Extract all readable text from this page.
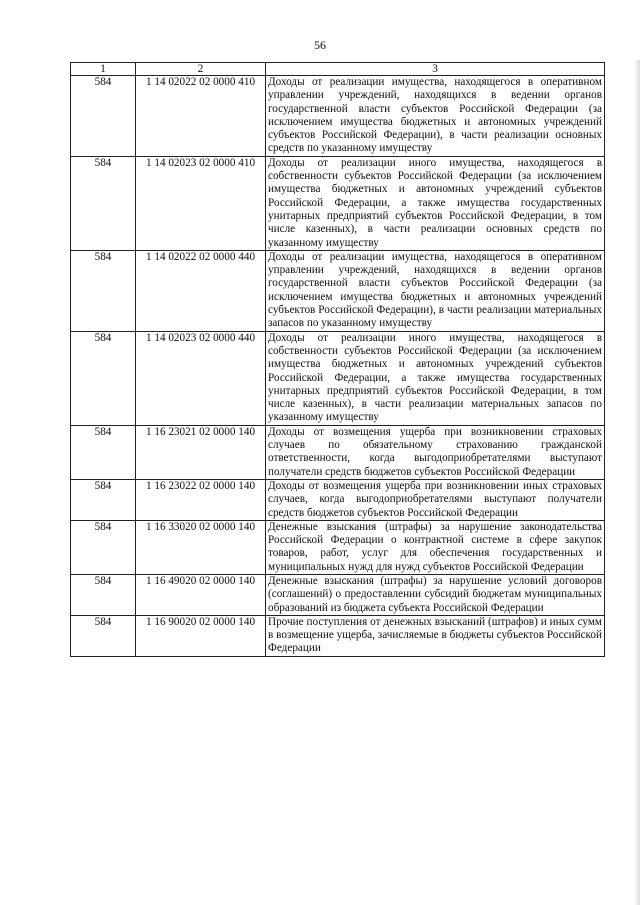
56
1	2	3
584	1 14 02022 02 0000 410	Доходы от реализации имущества, находящегося в оперативном управлении учреждений, находящихся в ведении органов государственной власти субъектов Российской Федерации (за исключением имущества бюджетных и автономных учреждений субъектов Российской Федерации), в части реализации основных средств по указанному имуществу
584	1 14 02023 02 0000 410	Доходы от реализации иного имущества, находящегося в собственности субъектов Российской Федерации (за исключением имущества бюджетных и автономных учреждений субъектов Российской Федерации, а также имущества государственных унитарных предприятий субъектов Российской Федерации, в том числе казенных), в части реализации основных средств по указанному имуществу
584	1 14 02022 02 0000 440	Доходы от реализации имущества, находящегося в оперативном управлении учреждений, находящихся в ведении органов государственной власти субъектов Российской Федерации (за исключением имущества бюджетных и автономных учреждений субъектов Российской Федерации), в части реализации материальных запасов по указанному имуществу
584	1 14 02023 02 0000 440	Доходы от реализации иного имущества, находящегося в собственности субъектов Российской Федерации (за исключением имущества бюджетных и автономных учреждений субъектов Российской Федерации, а также имущества государственных унитарных предприятий субъектов Российской Федерации, в том числе казенных), в части реализации материальных запасов по указанному имуществу
584	1 16 23021 02 0000 140	Доходы от возмещения ущерба при возникновении страховых случаев по обязательному страхованию гражданской ответственности, когда выгодоприобретателями выступают получатели средств бюджетов субъектов Российской Федерации
584	1 16 23022 02 0000 140	Доходы от возмещения ущерба при возникновении иных страховых случаев, когда выгодоприобретателями выступают получатели средств бюджетов субъектов Российской Федерации
584	1 16 33020 02 0000 140	Денежные взыскания (штрафы) за нарушение законодательства Российской Федерации о контрактной системе в сфере закупок товаров, работ, услуг для обеспечения государственных и муниципальных нужд для нужд субъектов Российской Федерации
584	1 16 49020 02 0000 140	Денежные взыскания (штрафы) за нарушение условий договоров (соглашений) о предоставлении субсидий бюджетам муниципальных образований из бюджета субъекта Российской Федерации
584	1 16 90020 02 0000 140	Прочие поступления от денежных взысканий (штрафов) и иных сумм в возмещение ущерба, зачисляемые в бюджеты субъектов Российской Федерации
